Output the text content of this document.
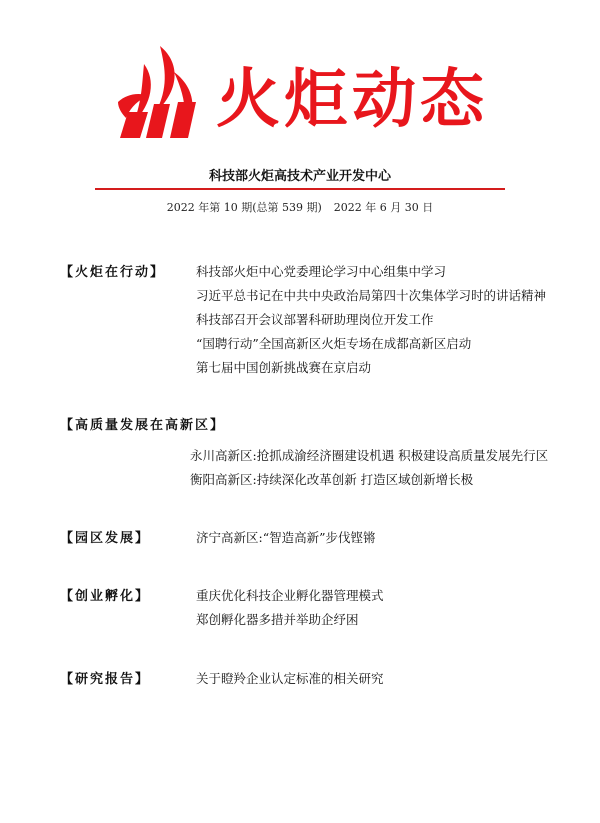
火炬动态
科技部火炬高技术产业开发中心
2022 年第 10 期(总第 539 期) 2022 年 6 月 30 日
【火炬在行动】 科技部火炬中心党委理论学习中心组集中学习
习近平总书记在中共中央政治局第四十次集体学习时的讲话精神
科技部召开会议部署科研助理岗位开发工作
“国聘行动”全国高新区火炬专场在成都高新区启动
第七届中国创新挑战赛在京启动
【高质量发展在高新区】
永川高新区:抢抓成渝经济圈建设机遇 积极建设高质量发展先行区
衡阳高新区:持续深化改革创新 打造区域创新增长极
【园区发展】	济宁高新区:“智造高新”步伐铿锵
【创业孵化】	重庆优化科技企业孵化器管理模式
郑创孵化器多措并举助企纾困
【研究报告】	关于瞪羚企业认定标准的相关研究
